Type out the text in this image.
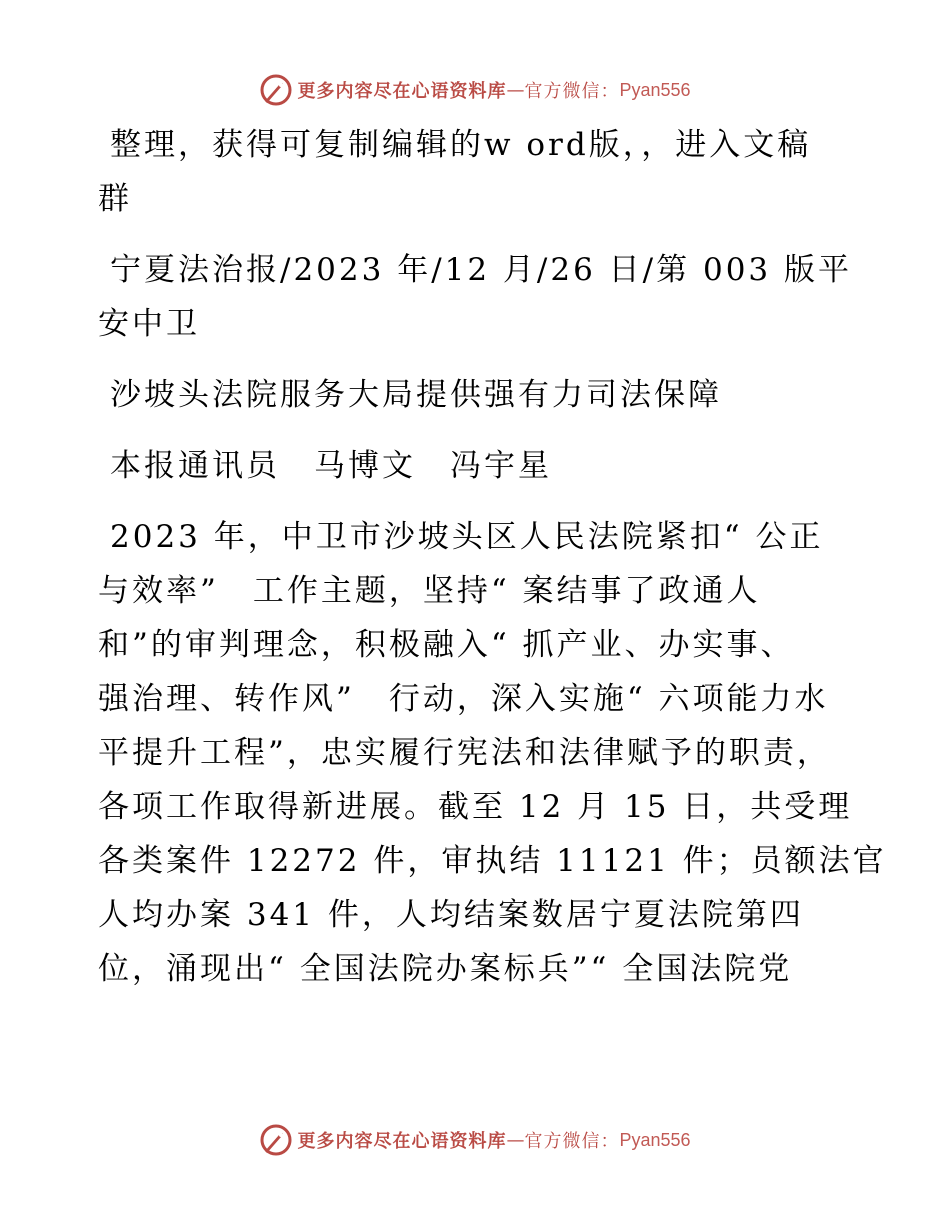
更多内容尽在心语资料库 — 官方微信： Pyan556
整理，获得可复制编辑的w ord版，，进入文稿
群
宁夏法治报/2023 年/12 月/26 日/第 003 版平
安中卫
沙坡头法院服务大局提供强有力司法保障
本报通讯员　马博文　冯宇星
2023 年，中卫市沙坡头区人民法院紧扣“ 公正
与效率”　工作主题，坚持“ 案结事了政通人
和”的审判理念，积极融入“ 抓产业、办实事、
强治理、转作风”　行动，深入实施“ 六项能力水
平提升工程”，忠实履行宪法和法律赋予的职责，
各项工作取得新进展。截至 12 月 15 日，共受理
各类案件 12272 件，审执结 11121 件；员额法官
人均办案 341 件，人均结案数居宁夏法院第四
位，涌现出“ 全国法院办案标兵”“ 全国法院党
更多内容尽在心语资料库 — 官方微信： Pyan556
